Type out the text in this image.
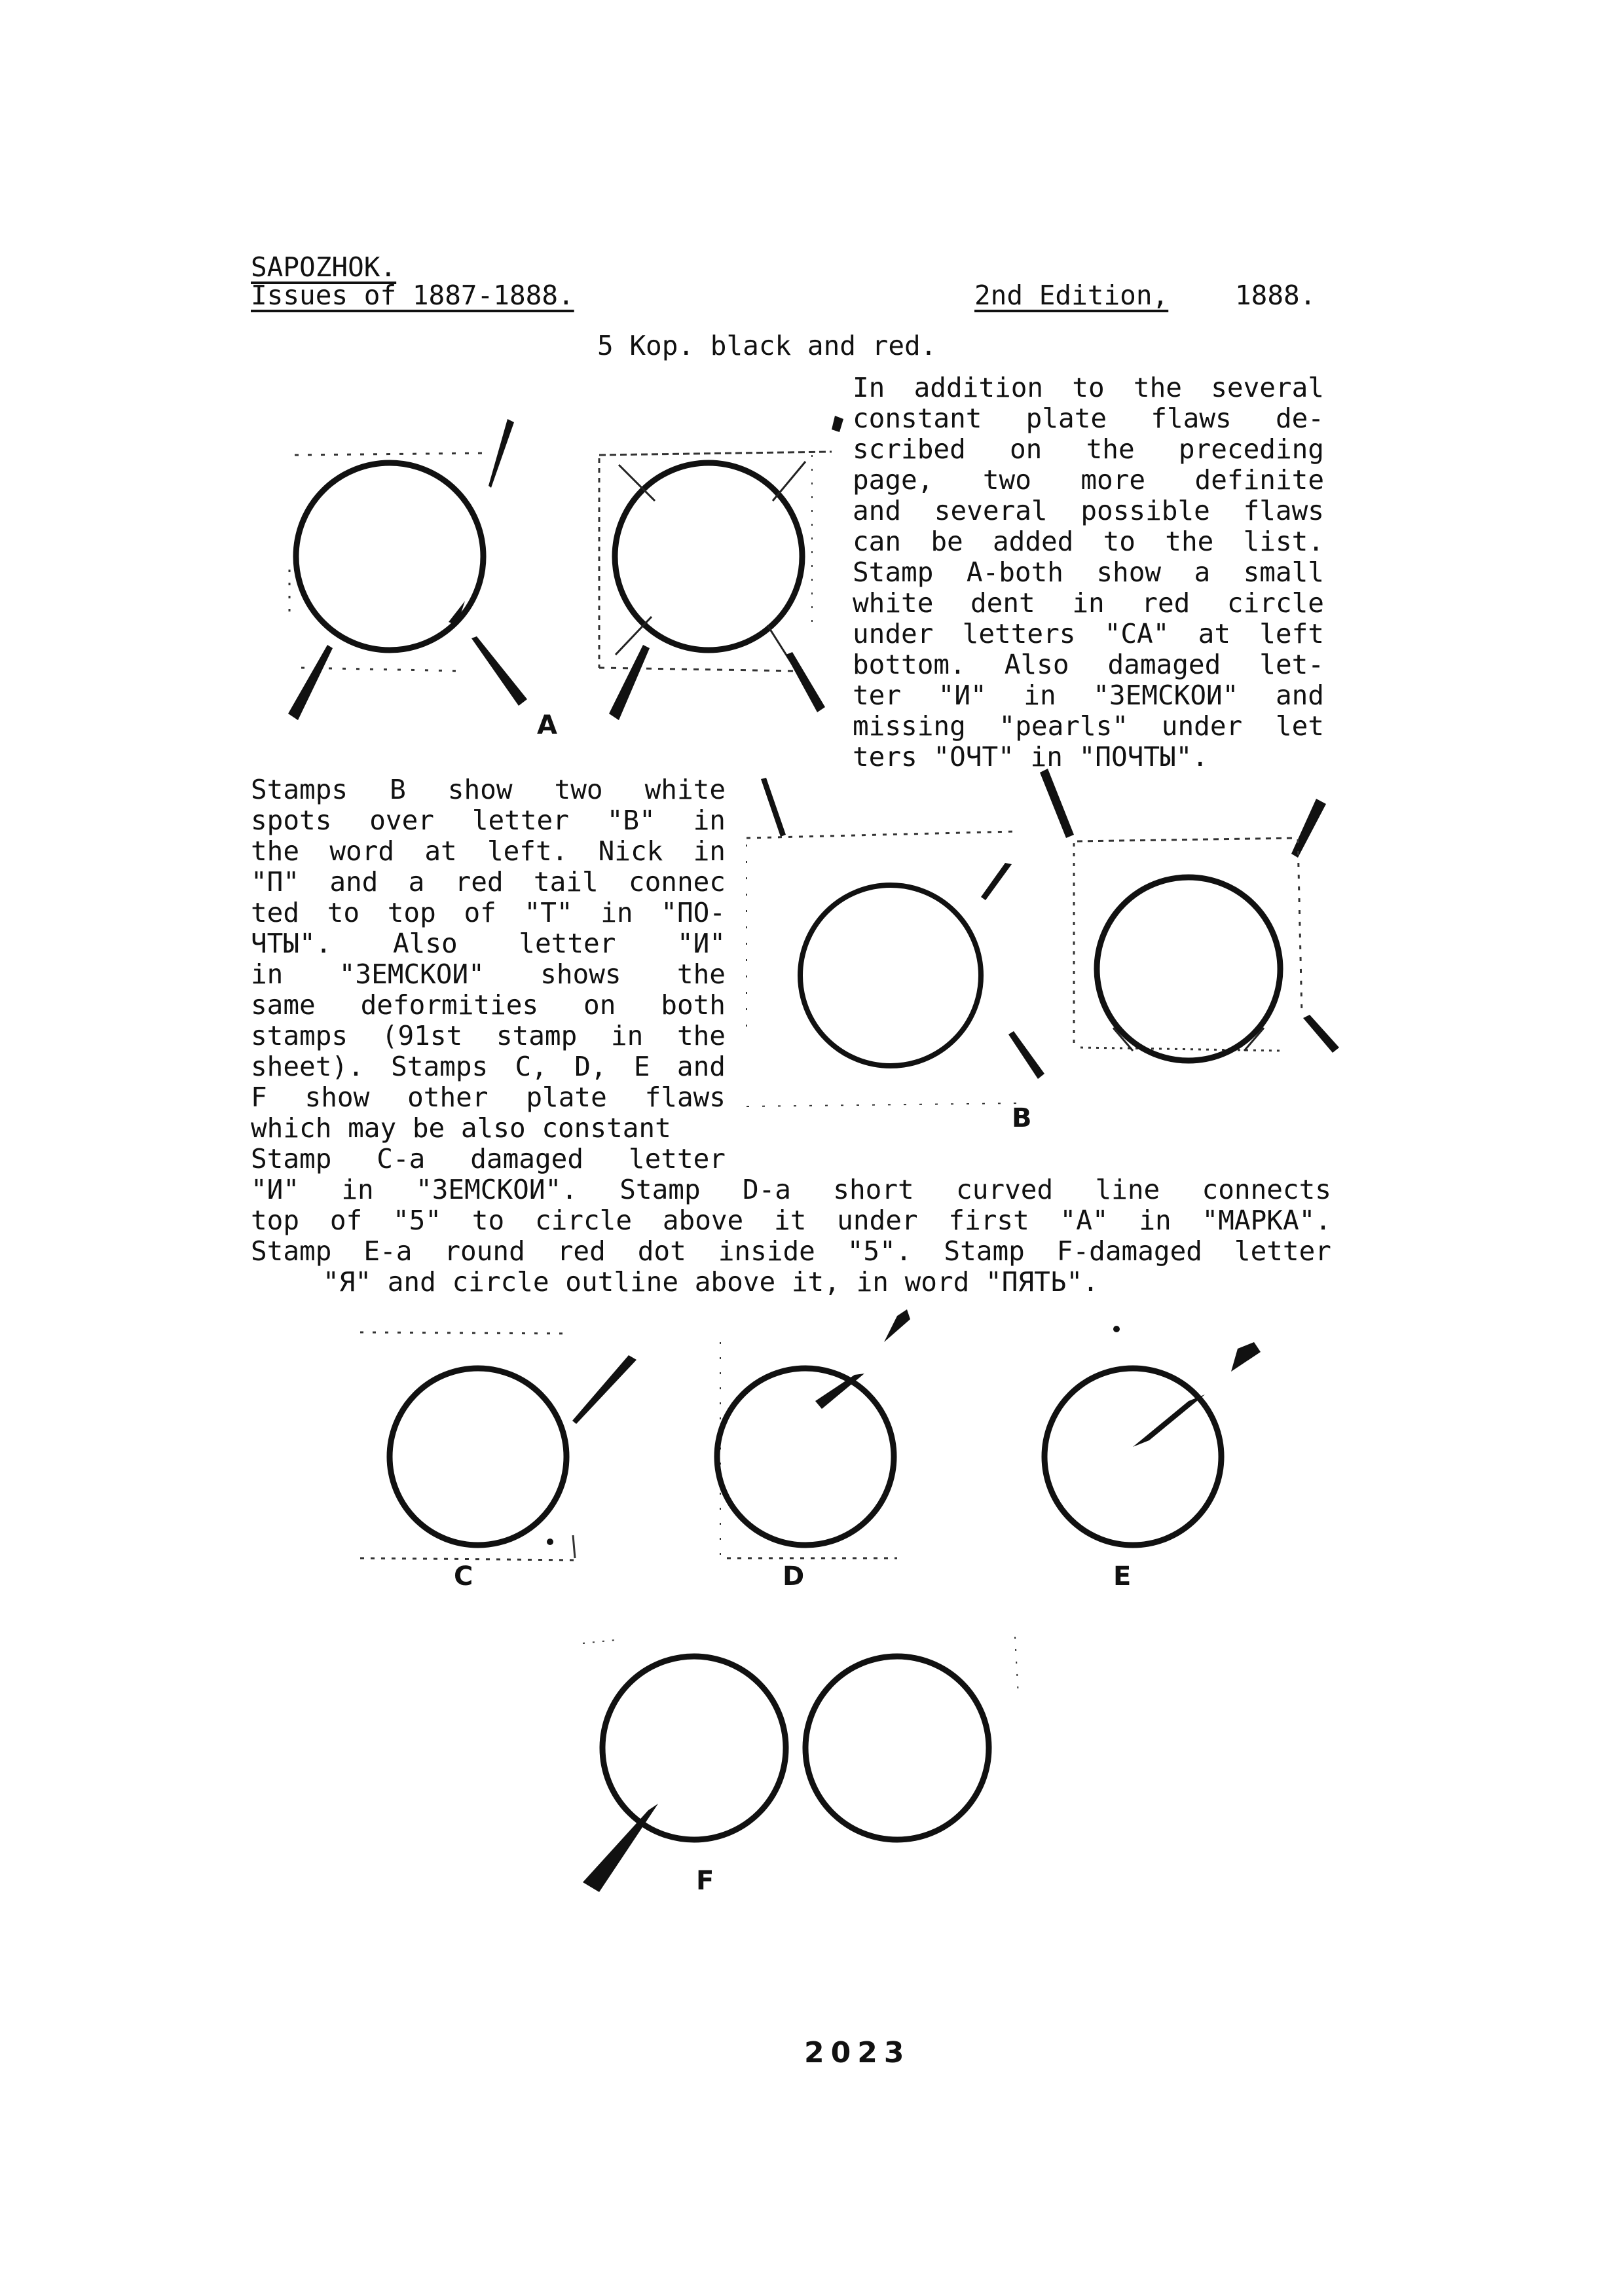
SAPOZHOK.
Issues of 1887-1888.	2nd Edition, 1888.
5 Kop. black and red.

In addition to the several

constant plate flaws de-

scribed on the preceding

page, two more definite

and several possible flaws

can be added to the list.

Stamp A-both show a small

white dent in red circle

under letters "CA" at left

bottom. Also damaged let-

ter "И" in "3EMCKOИ" and

missing "pearls" under let

ters "ОЧТ" in "ПОЧТЫ".

Stamps B show two white

spots over letter "B" in

the word at left. Nick in

"П" and a red tail connec

ted to top of "T" in "ПО-

ЧТЫ". Also letter "И"

in "3EMCKOИ" shows the

same deformities on both

stamps (91st stamp in the

sheet). Stamps C, D, E and

F show other plate flaws

which may be also constant

Stamp C-a damaged letter

"И" in "3EMCKOИ". Stamp D-a short curved line connects

top of "5" to circle above it under first "A" in "MAPKA".

Stamp E-a round red dot inside "5". Stamp F-damaged letter

"Я" and circle outline above it, in word "ПЯТЬ".

A
B
C	D	E
F
2023
